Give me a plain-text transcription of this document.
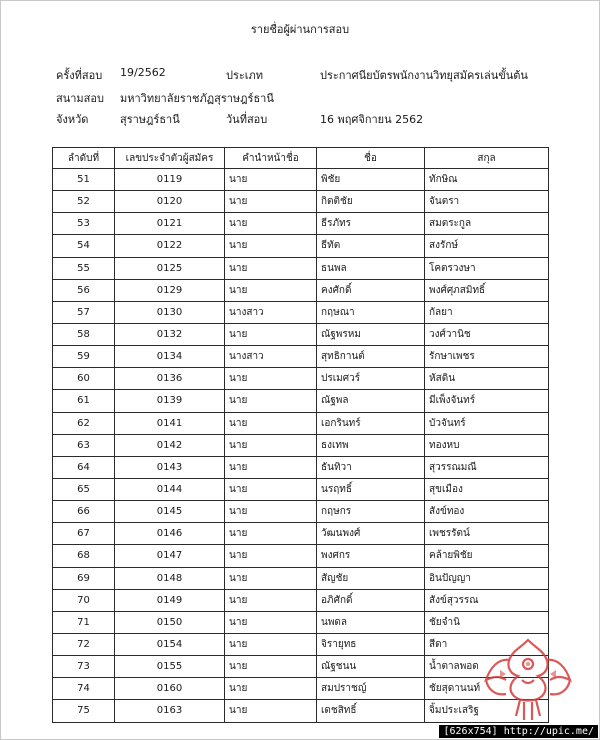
รายชื่อผู้ผ่านการสอบ
ครั้งที่สอบ 19/2562	ประเภท	ประกาศนียบัตรพนักงานวิทยุสมัครเล่นขั้นต้น
สนามสอบ มหาวิทยาลัยราชภัฏสุราษฎร์ธานี
จังหวัด	สุราษฎร์ธานี	วันที่สอบ	16 พฤศจิกายน 2562
ลำดับที่	เลขประจำตัวผู้สมัคร	คำนำหน้าชื่อ	ชื่อ	สกุล
51	0119	นาย	พิชัย	ทักษิณ
52	0120	นาย	กิตติชัย	จันตรา
53	0121	นาย	ธีรภัทร	สมตระกูล
54	0122	นาย	ธีทัต	สงรักษ์
55	0125	นาย	ธนพล	โคตรวงษา
56	0129	นาย	คงศักดิ์	พงศ์ศุภสมิทธิ์
57	0130	นางสาว	กฤษณา	กัลยา
58	0132	นาย	ณัฐพรหม	วงศ์วานิช
59	0134	นางสาว	สุทธิกานต์	รักษาเพชร
60	0136	นาย	ปรเมศวร์	หัสดิน
61	0139	นาย	ณัฐพล	มีเพ็งจันทร์
62	0141	นาย	เอกรินทร์	บัวจันทร์
63	0142	นาย	ธงเทพ	ทองหบ
64	0143	นาย	ธันทิวา	สุวรรณมณี
65	0144	นาย	นรฤทธิ์	สุขเมือง
66	0145	นาย	กฤษกร	สังข์ทอง
67	0146	นาย	วัฒนพงศ์	เพชรรัตน์
68	0147	นาย	พงศกร	คล้ายพิชัย
69	0148	นาย	สัญชัย	อินปัญญา
70	0149	นาย	อภิศักดิ์	สังข์สุวรรณ
71	0150	นาย	นพดล	ชัยจำนิ
72	0154	นาย	จิรายุทธ	สีดา
73	0155	นาย	ณัฐชนน	น้ำตาลพอด
74	0160	นาย	สมปราชญ์	ชัยสุดานนท์
75	0163	นาย	เดชสิทธิ์	จิ้มประเสริฐ
[626x754] http://upic.me/
